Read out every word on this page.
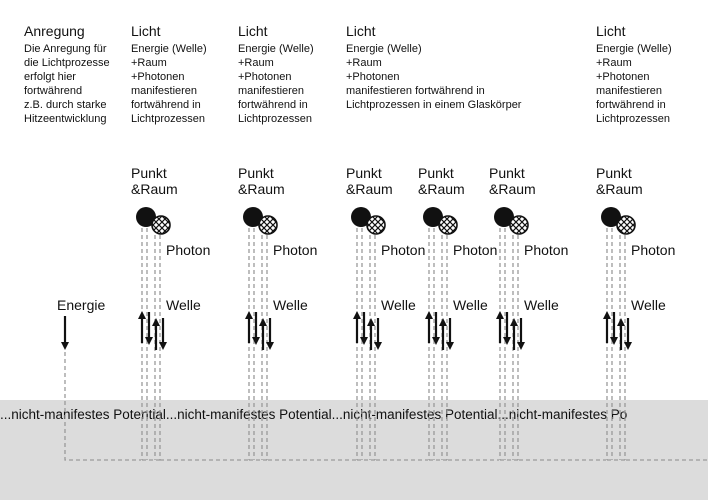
...nicht-manifestes Potential...nicht-manifestes Potential...nicht-manifestes Potential...nicht-manifestes Po
Anregung
Die Anregung für
die Lichtprozesse
erfolgt hier
fortwährend
z.B. durch starke
Hitzeentwicklung
Energie
Licht
Energie (Welle)
+Raum
+Photonen
manifestieren
fortwährend in
Lichtprozessen
Licht
Energie (Welle)
+Raum
+Photonen
manifestieren
fortwährend in
Lichtprozessen
Licht
Energie (Welle)
+Raum
+Photonen
manifestieren fortwährend in
Lichtprozessen in einem Glaskörper
Licht
Energie (Welle)
+Raum
+Photonen
manifestieren
fortwährend in
Lichtprozessen
Punkt
&Raum
Photon
Welle
Punkt
&Raum
Photon
Welle
Punkt
&Raum
Photon
Welle
Punkt
&Raum
Photon
Welle
Punkt
&Raum
Photon
Welle
Punkt
&Raum
Photon
Welle
